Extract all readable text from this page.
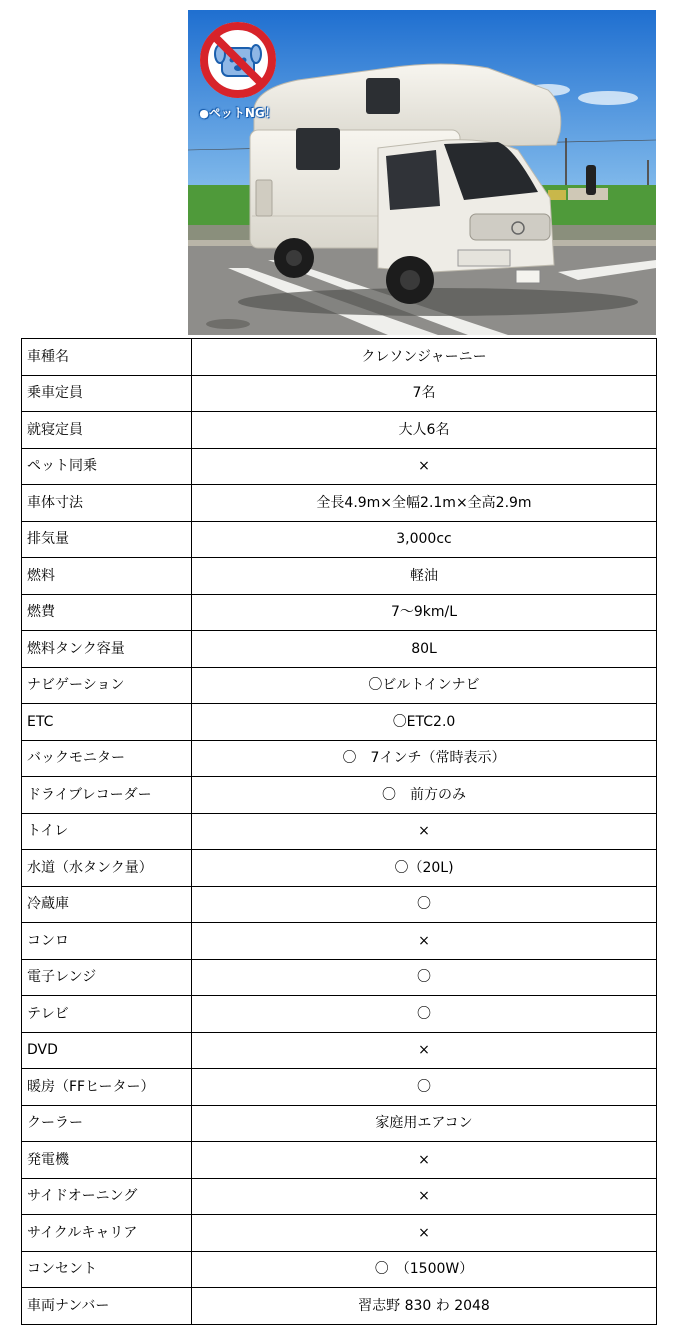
●ペットNG！
車種名	クレソンジャーニー
乗車定員	7名
就寝定員	大人6名
ペット同乗	×
車体寸法	全長4.9m×全幅2.1m×全高2.9m
排気量	3,000cc
燃料	軽油
燃費	7～9km/L
燃料タンク容量	80L
ナビゲーション	〇ビルトインナビ
ETC	〇ETC2.0
バックモニター	〇　7インチ（常時表示）
ドライブレコーダー	〇　前方のみ
トイレ	×
水道（水タンク量）	〇（20L)
冷蔵庫	〇
コンロ	×
電子レンジ	〇
テレビ	〇
DVD	×
暖房（FFヒーター）	〇
クーラー	家庭用エアコン
発電機	×
サイドオーニング	×
サイクルキャリア	×
コンセント	〇　（1500W）
車両ナンバー	習志野 830 わ 2048
